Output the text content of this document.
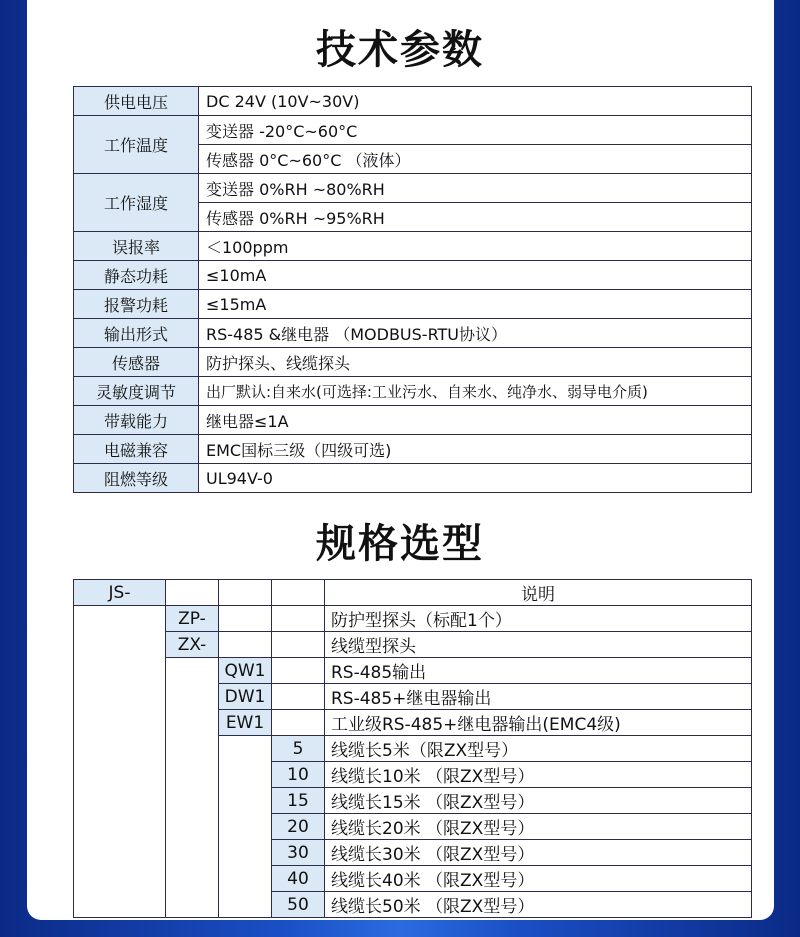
技术参数
供电电压	DC 24V (10V~30V)
工作温度	变送器 -20°C~60°C
	传感器 0°C~60°C （液体）
工作湿度	变送器 0%RH ~80%RH
	传感器 0%RH ~95%RH
误报率	＜100ppm
静态功耗	≤10mA
报警功耗	≤15mA
输出形式	RS-485 &继电器 （MODBUS-RTU协议）
传感器	防护探头、线缆探头
灵敏度调节	出厂默认:自来水(可选择:工业污水、自来水、纯净水、弱导电介质)
带载能力	继电器≤1A
电磁兼容	EMC国标三级（四级可选)
阻燃等级	UL94V-0
规格选型
JS-				说明
	ZP-			防护型探头（标配1个）
	ZX-			线缆型探头
		QW1		RS-485输出
		DW1		RS-485+继电器输出
		EW1		工业级RS-485+继电器输出(EMC4级)
			5	线缆长5米（限ZX型号）
			10	线缆长10米 （限ZX型号）
			15	线缆长15米 （限ZX型号）
			20	线缆长20米 （限ZX型号）
			30	线缆长30米 （限ZX型号）
			40	线缆长40米 （限ZX型号）
			50	线缆长50米 （限ZX型号）
